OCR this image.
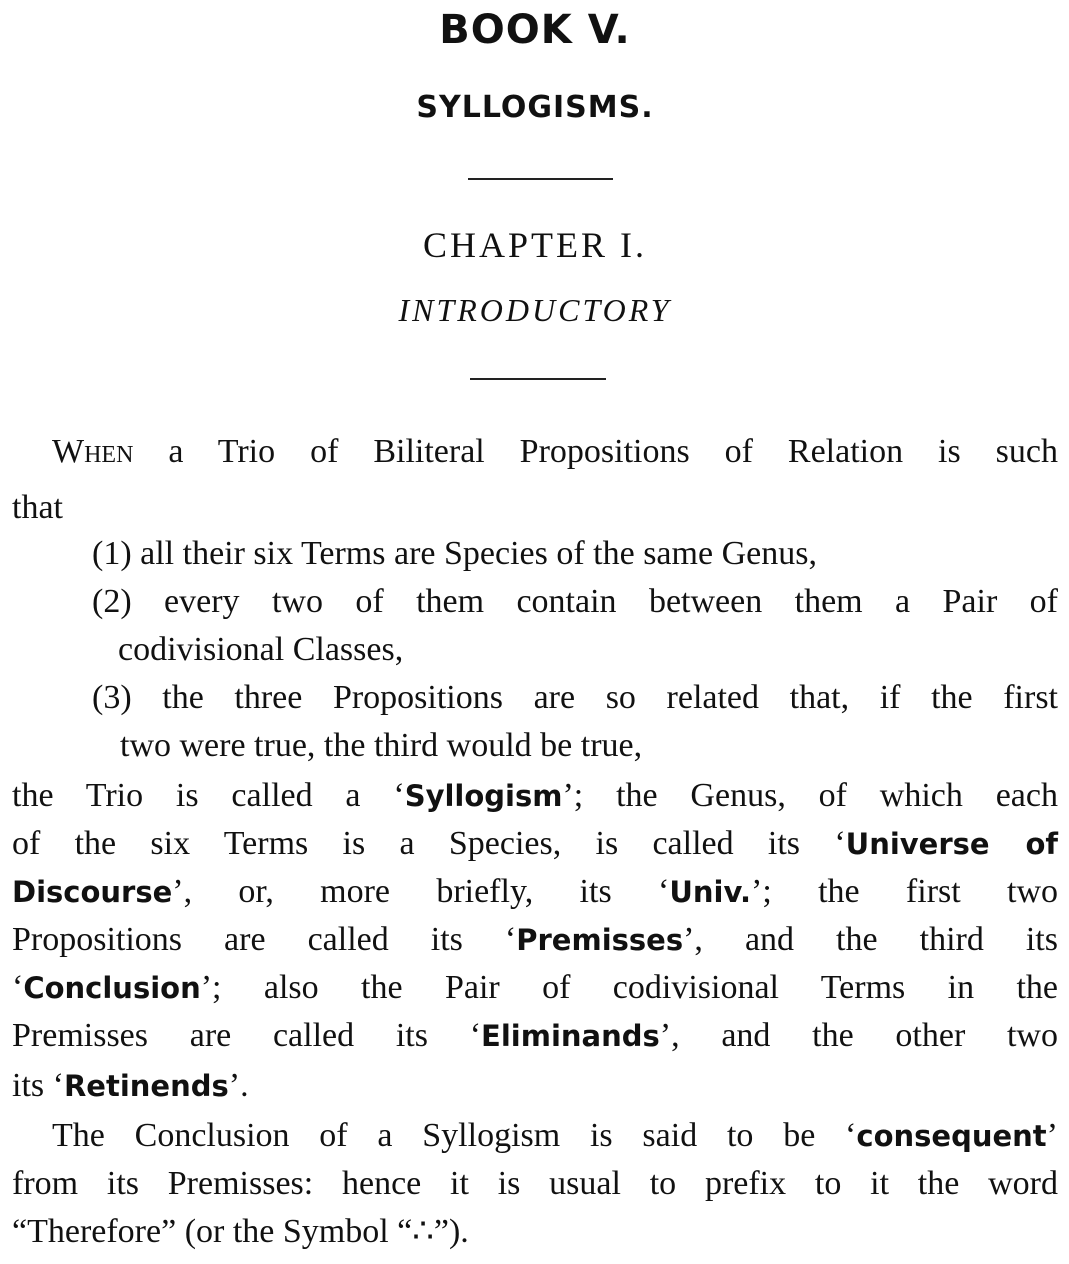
BOOK V.
SYLLOGISMS.
CHAPTER I.
INTRODUCTORY
When a Trio of Biliteral Propositions of Relation is such
that
(1) all their six Terms are Species of the same Genus,
(2) every two of them contain between them a Pair of
codivisional Classes,
(3) the three Propositions are so related that, if the first
two were true, the third would be true,
the Trio is called a ‘Syllogism’; the Genus, of which each
of the six Terms is a Species, is called its ‘Universe of
Discourse’, or, more briefly, its ‘Univ.’; the first two
Propositions are called its ‘Premisses’, and the third its
‘Conclusion’; also the Pair of codivisional Terms in the
Premisses are called its ‘Eliminands’, and the other two
its ‘Retinends’.
The Conclusion of a Syllogism is said to be ‘consequent’
from its Premisses: hence it is usual to prefix to it the word
“Therefore” (or the Symbol “∴”).
